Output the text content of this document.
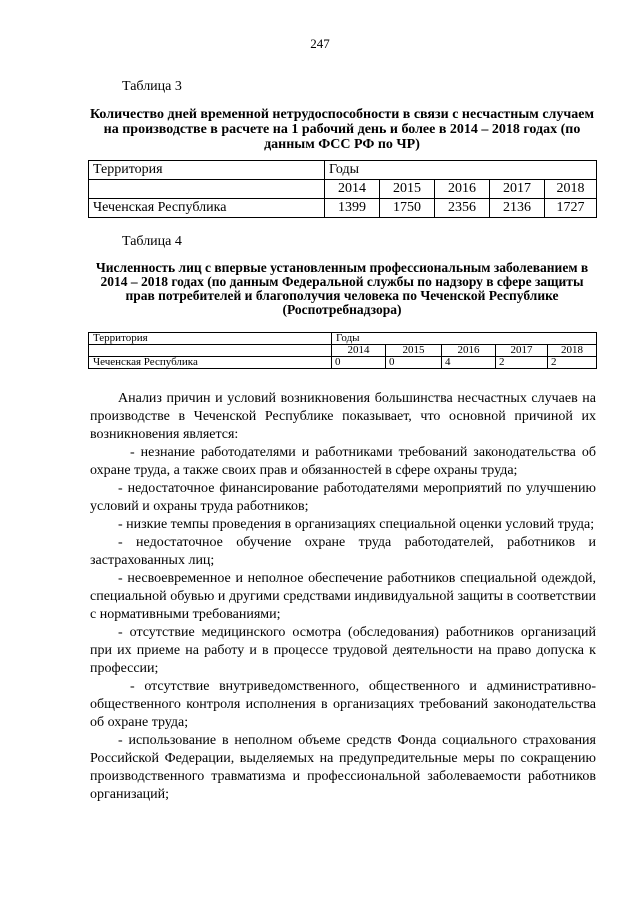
247
Таблица 3
Количество дней временной нетрудоспособности в связи с несчастным случаем на производстве в расчете на 1 рабочий день и более в 2014 – 2018 годах (по данным ФСС РФ по ЧР)
Территория	Годы				
	2014	2015	2016	2017	2018
Чеченская Республика	1399	1750	2356	2136	1727
Таблица 4
Численность лиц с впервые установленным профессиональным заболеванием в 2014 – 2018 годах (по данным Федеральной службы по надзору в сфере защиты прав потребителей и благополучия человека по Чеченской Республике (Роспотребнадзора)
Территория	Годы				
	2014	2015	2016	2017	2018
Чеченская Республика	0	0	4	2	2

Анализ причин и условий возникновения большинства несчастных случаев на производстве в Чеченской Республике показывает, что основной причиной их возникновения является:

- незнание работодателями и работниками требований законодательства об охране труда, а также своих прав и обязанностей в сфере охраны труда;

- недостаточное финансирование работодателями мероприятий по улучшению условий и охраны труда работников;

- низкие темпы проведения в организациях специальной оценки условий труда;

- недостаточное обучение охране труда работодателей, работников и застрахованных лиц;

- несвоевременное и неполное обеспечение работников специальной одеждой, специальной обувью и другими средствами индивидуальной защиты в соответствии с нормативными требованиями;

- отсутствие медицинского осмотра (обследования) работников организаций при их приеме на работу и в процессе трудовой деятельности на право допуска к профессии;

- отсутствие внутриведомственного, общественного и административно-общественного контроля исполнения в организациях требований законодательства об охране труда;

- использование в неполном объеме средств Фонда социального страхования Российской Федерации, выделяемых на предупредительные меры по сокращению производственного травматизма и профессиональной заболеваемости работников организаций;
